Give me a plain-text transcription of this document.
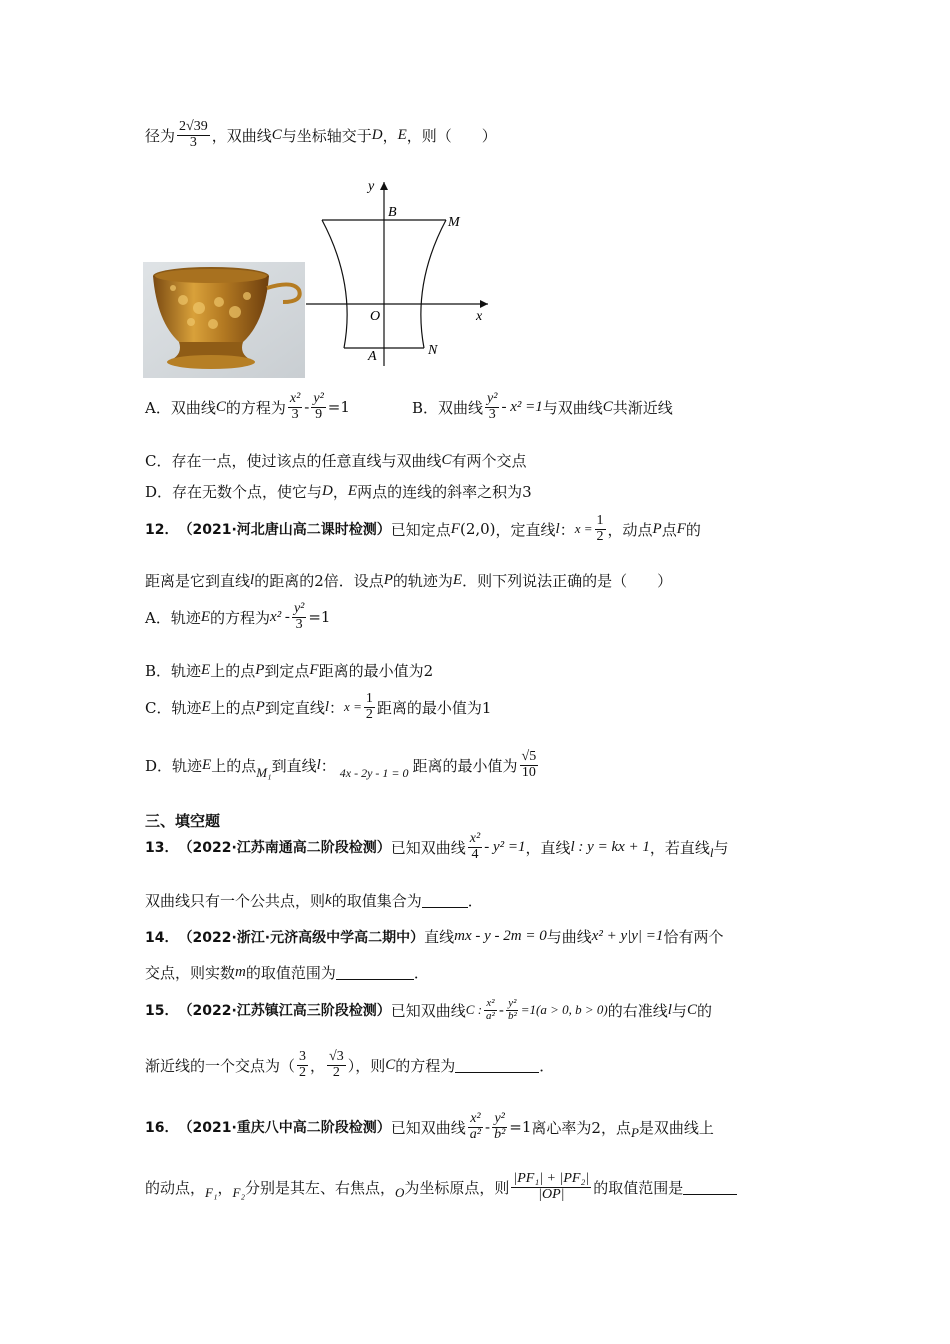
径为 $\frac{2√39}{3}$ ，双曲线 C 与坐标轴交于 D ， E ，则（　　）
y
x
B
M
O
A	N
A．双曲线 C 的方程为 $\frac{\text{x²}}{3} - \frac{\text{y²}}{9} =1$	B．双曲线 $\frac{\text{y²}}{3} - x^2 =1$ 与双曲线 C 共渐近线
C．存在一点，使过该点的任意直线与双曲线 C 有两个交点
D．存在无数个点，使它与 D ， E 两点的连线的斜率之积为3
12． （2021·河北唐山高二课时检测） 已知定点 F (2,0) ，定直线 l ： $x = \frac{1}{2}$ ，动点 P 点 F 的
距离是它到直线 l 的距离的2倍．设点 P 的轨迹为 E ．则下列说法正确的是（　　）
A．轨迹 E 的方程为 $x^2 - \frac{\text{y²}}{3} =1$
B．轨迹 E 上的点 P 到定点 F 距离的最小值为2
C．轨迹 E 上的点 P 到定直线 l ： $x = \frac{1}{2}$ 距离的最小值为1
D．轨迹 E 上的点 M₁ 到直线 l ： 4x - 2y - 1 = 0 距离的最小值为 $\frac{√5}{10}$
三、填空题
13． （2022·江苏南通高二阶段检测） 已知双曲线 $\frac{\text{x²}}{4} - y^2 =1$ ，直线 l : y = kx + 1 ，若直线 l 与
双曲线只有一个公共点，则 k 的取值集合为	．
14． （2022·浙江·元济高级中学高二期中） 直线 mx - y - 2m = 0 与曲线 x² + y|y| =1 恰有两个
交点，则实数 m 的取值范围为	．
15． （2022·江苏镇江高三阶段检测） 已知双曲线 C : $\frac{\text{x²}}{\text{a²}} - \frac{\text{y²}}{\text{b²}} =1(a > 0$, b > 0) 的右准线 l 与 C 的
渐近线的一个交点为（ $\frac{3}{2}$ ， $\frac{√3}{2}$ ），则 C 的方程为	．
16． （2021·重庆八中高二阶段检测） 已知双曲线 $\frac{\text{x²}}{\text{a²}} - \frac{\text{y²}}{\text{b²}} =1$ 离心率为2，点 P 是双曲线上
的动点， F₁ ， F₂ 分别是其左、右焦点， O 为坐标原点，则 $\frac{\text{|PF₁| + |PF₂|}}{|OP|}$ 的取值范围是
